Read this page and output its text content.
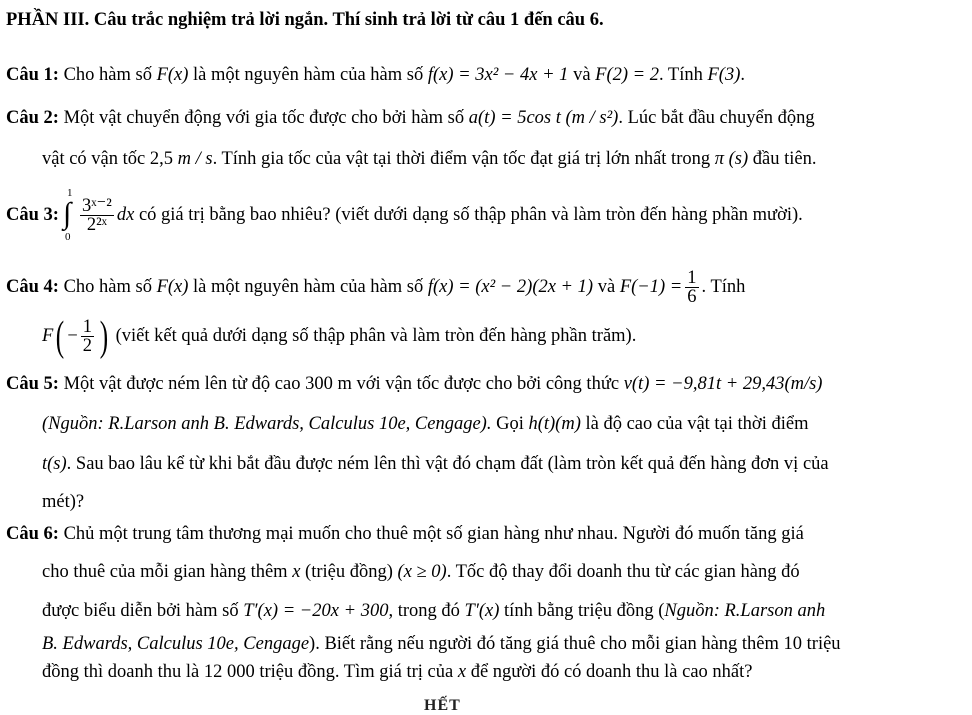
PHẦN III. Câu trắc nghiệm trả lời ngắn. Thí sinh trả lời từ câu 1 đến câu 6.
Câu 1: Cho hàm số F(x) là một nguyên hàm của hàm số f(x) = 3x² − 4x + 1 và F(2) = 2. Tính F(3).
Câu 2: Một vật chuyển động với gia tốc được cho bởi hàm số a(t) = 5cos t (m / s²). Lúc bắt đầu chuyển động
vật có vận tốc 2,5 m / s. Tính gia tốc của vật tại thời điểm vận tốc đạt giá trị lớn nhất trong π (s) đầu tiên.
Câu 3:
1
∫
0
$\frac{\text{3ˣ⁻²}}{\text{2²ˣ}}$ dx có giá trị bằng bao nhiêu? (viết dưới dạng số thập phân và làm tròn đến hàng phần mười).
Câu 4: Cho hàm số F(x) là một nguyên hàm của hàm số f(x) = (x² − 2)(2x + 1) và $F(-1) = \frac{1}{6}$ . Tính
$F( - \frac{1}{2}$ ) (viết kết quả dưới dạng số thập phân và làm tròn đến hàng phần trăm).
Câu 5: Một vật được ném lên từ độ cao 300 m với vận tốc được cho bởi công thức v(t) = −9,81t + 29,43(m/s)
(Nguồn: R.Larson anh B. Edwards, Calculus 10e, Cengage). Gọi h(t)(m) là độ cao của vật tại thời điểm
t(s). Sau bao lâu kể từ khi bắt đầu được ném lên thì vật đó chạm đất (làm tròn kết quả đến hàng đơn vị của
mét)?
Câu 6: Chủ một trung tâm thương mại muốn cho thuê một số gian hàng như nhau. Người đó muốn tăng giá
cho thuê của mỗi gian hàng thêm x (triệu đồng) (x ≥ 0). Tốc độ thay đổi doanh thu từ các gian hàng đó
được biểu diễn bởi hàm số T′(x) = −20x + 300, trong đó T′(x) tính bằng triệu đồng (Nguồn: R.Larson anh
B. Edwards, Calculus 10e, Cengage). Biết rằng nếu người đó tăng giá thuê cho mỗi gian hàng thêm 10 triệu
đồng thì doanh thu là 12 000 triệu đồng. Tìm giá trị của x để người đó có doanh thu là cao nhất?
HẾT
